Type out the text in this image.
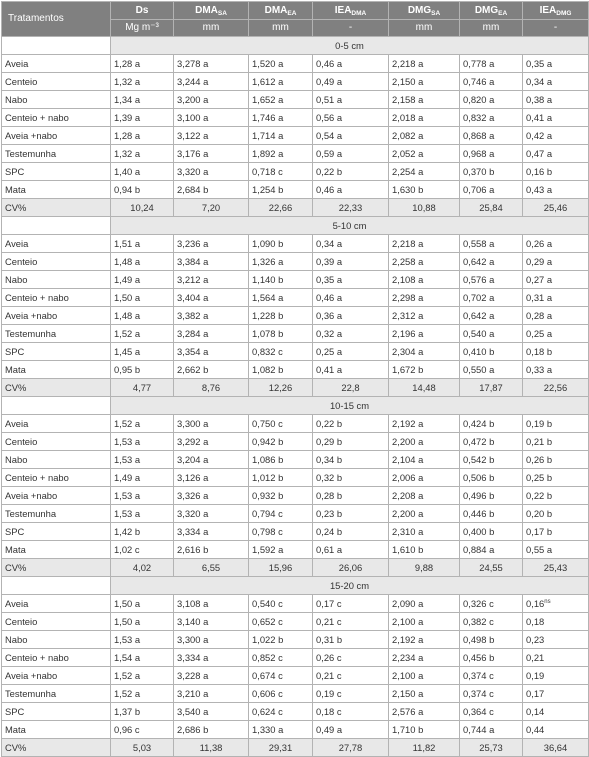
Tratamentos	Ds	$DMA_{SA}$	$DMA_{EA}$	$IEA_{DMA}$	$DMG_{SA}$	$DMG_{EA}$	$IEA_{DMG}$
	Mg m⁻³	mm	mm	-	mm	mm	-
	0-5 cm						
Aveia	1,28 a	3,278 a	1,520 a	0,46 a	2,218 a	0,778 a	0,35 a
Centeio	1,32 a	3,244 a	1,612 a	0,49 a	2,150 a	0,746 a	0,34 a
Nabo	1,34 a	3,200 a	1,652 a	0,51 a	2,158 a	0,820 a	0,38 a
Centeio + nabo	1,39 a	3,100 a	1,746 a	0,56 a	2,018 a	0,832 a	0,41 a
Aveia +nabo	1,28 a	3,122 a	1,714 a	0,54 a	2,082 a	0,868 a	0,42 a
Testemunha	1,32 a	3,176 a	1,892 a	0,59 a	2,052 a	0,968 a	0,47 a
SPC	1,40 a	3,320 a	0,718 c	0,22 b	2,254 a	0,370 b	0,16 b
Mata	0,94 b	2,684 b	1,254 b	0,46 a	1,630 b	0,706 a	0,43 a
CV%	10,24	7,20	22,66	22,33	10,88	25,84	25,46
	5-10 cm						
Aveia	1,51 a	3,236 a	1,090 b	0,34 a	2,218 a	0,558 a	0,26 a
Centeio	1,48 a	3,384 a	1,326 a	0,39 a	2,258 a	0,642 a	0,29 a
Nabo	1,49 a	3,212 a	1,140 b	0,35 a	2,108 a	0,576 a	0,27 a
Centeio + nabo	1,50 a	3,404 a	1,564 a	0,46 a	2,298 a	0,702 a	0,31 a
Aveia +nabo	1,48 a	3,382 a	1,228 b	0,36 a	2,312 a	0,642 a	0,28 a
Testemunha	1,52 a	3,284 a	1,078 b	0,32 a	2,196 a	0,540 a	0,25 a
SPC	1,45 a	3,354 a	0,832 c	0,25 a	2,304 a	0,410 b	0,18 b
Mata	0,95 b	2,662 b	1,082 b	0,41 a	1,672 b	0,550 a	0,33 a
CV%	4,77	8,76	12,26	22,8	14,48	17,87	22,56
	10-15 cm						
Aveia	1,52 a	3,300 a	0,750 c	0,22 b	2,192 a	0,424 b	0,19 b
Centeio	1,53 a	3,292 a	0,942 b	0,29 b	2,200 a	0,472 b	0,21 b
Nabo	1,53 a	3,204 a	1,086 b	0,34 b	2,104 a	0,542 b	0,26 b
Centeio + nabo	1,49 a	3,126 a	1,012 b	0,32 b	2,006 a	0,506 b	0,25 b
Aveia +nabo	1,53 a	3,326 a	0,932 b	0,28 b	2,208 a	0,496 b	0,22 b
Testemunha	1,53 a	3,320 a	0,794 c	0,23 b	2,200 a	0,446 b	0,20 b
SPC	1,42 b	3,334 a	0,798 c	0,24 b	2,310 a	0,400 b	0,17 b
Mata	1,02 c	2,616 b	1,592 a	0,61 a	1,610 b	0,884 a	0,55 a
CV%	4,02	6,55	15,96	26,06	9,88	24,55	25,43
	15-20 cm						
Aveia	1,50 a	3,108 a	0,540 c	0,17 c	2,090 a	0,326 c	$0,16^{ns}$
Centeio	1,50 a	3,140 a	0,652 c	0,21 c	2,100 a	0,382 c	0,18
Nabo	1,53 a	3,300 a	1,022 b	0,31 b	2,192 a	0,498 b	0,23
Centeio + nabo	1,54 a	3,334 a	0,852 c	0,26 c	2,234 a	0,456 b	0,21
Aveia +nabo	1,52 a	3,228 a	0,674 c	0,21 c	2,100 a	0,374 c	0,19
Testemunha	1,52 a	3,210 a	0,606 c	0,19 c	2,150 a	0,374 c	0,17
SPC	1,37 b	3,540 a	0,624 c	0,18 c	2,576 a	0,364 c	0,14
Mata	0,96 c	2,686 b	1,330 a	0,49 a	1,710 b	0,744 a	0,44
CV%	5,03	11,38	29,31	27,78	11,82	25,73	36,64
